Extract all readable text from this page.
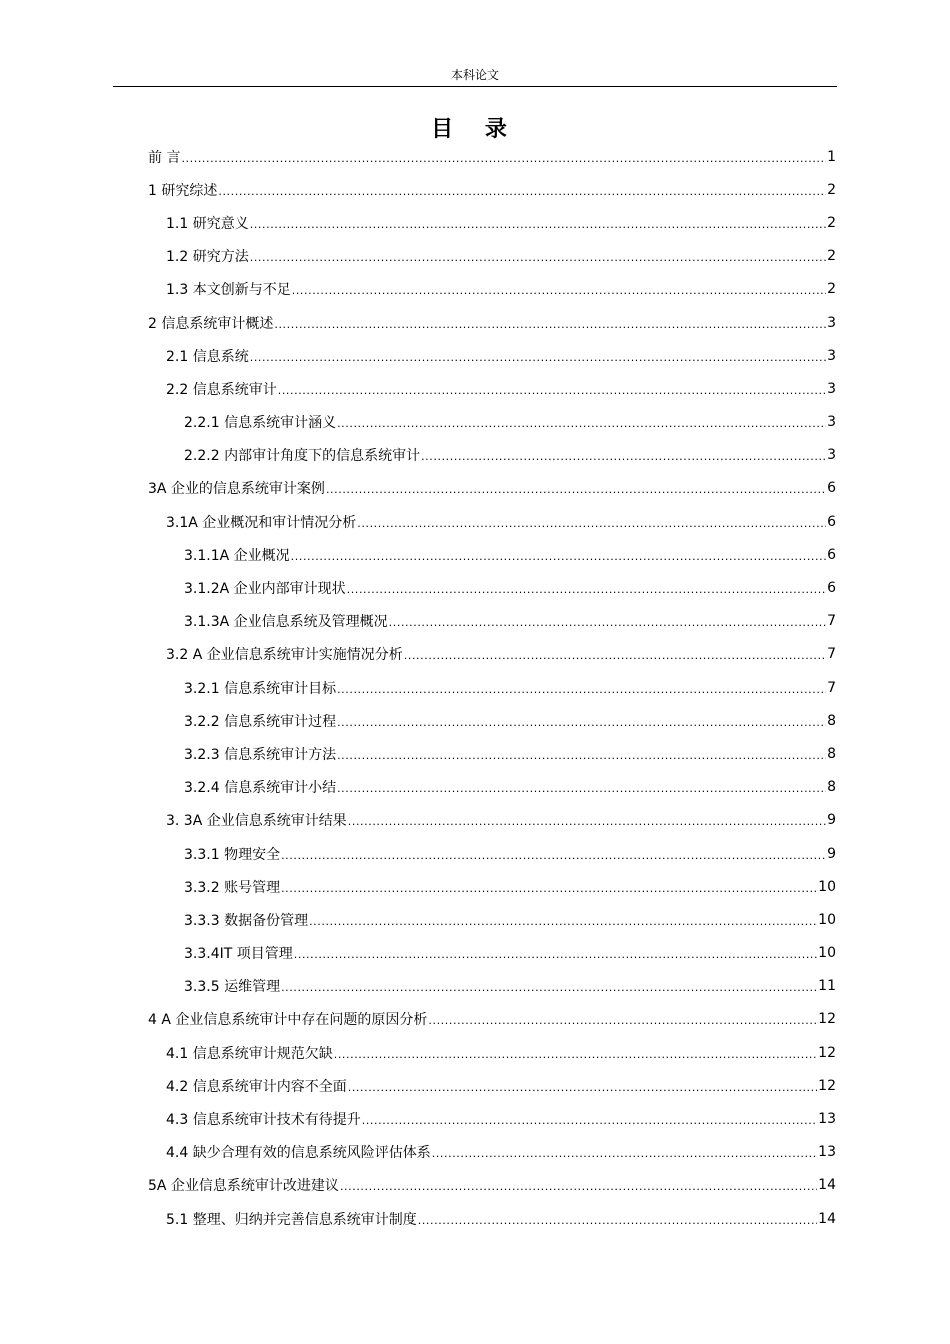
本科论文
目 录
前 言 .....	1
1 研究综述 .....	2
1.1 研究意义 .....	2
1.2 研究方法 .....	2
1.3 本文创新与不足 .....	2
2 信息系统审计概述 .....	3
2.1 信息系统 .....	3
2.2 信息系统审计 .....	3
2.2.1 信息系统审计涵义 .....	3
2.2.2 内部审计角度下的信息系统审计 .....	3
3A 企业的信息系统审计案例 .....	6
3.1A 企业概况和审计情况分析 .....	6
3.1.1A 企业概况 .....	6
3.1.2A 企业内部审计现状 .....	6
3.1.3A 企业信息系统及管理概况 .....	7
3.2 A 企业信息系统审计实施情况分析 .....	7
3.2.1 信息系统审计目标 .....	7
3.2.2 信息系统审计过程 .....	8
3.2.3 信息系统审计方法 .....	8
3.2.4 信息系统审计小结 .....	8
3. 3A 企业信息系统审计结果 .....	9
3.3.1 物理安全 .....	9
3.3.2 账号管理 .....	10
3.3.3 数据备份管理 .....	10
3.3.4IT 项目管理 .....	10
3.3.5 运维管理 .....	11
4 A 企业信息系统审计中存在问题的原因分析 .....	12
4.1 信息系统审计规范欠缺 .....	12
4.2 信息系统审计内容不全面 .....	12
4.3 信息系统审计技术有待提升 .....	13
4.4 缺少合理有效的信息系统风险评估体系 .....	13
5A 企业信息系统审计改进建议 .....	14
5.1 整理、归纳并完善信息系统审计制度 .....	14
